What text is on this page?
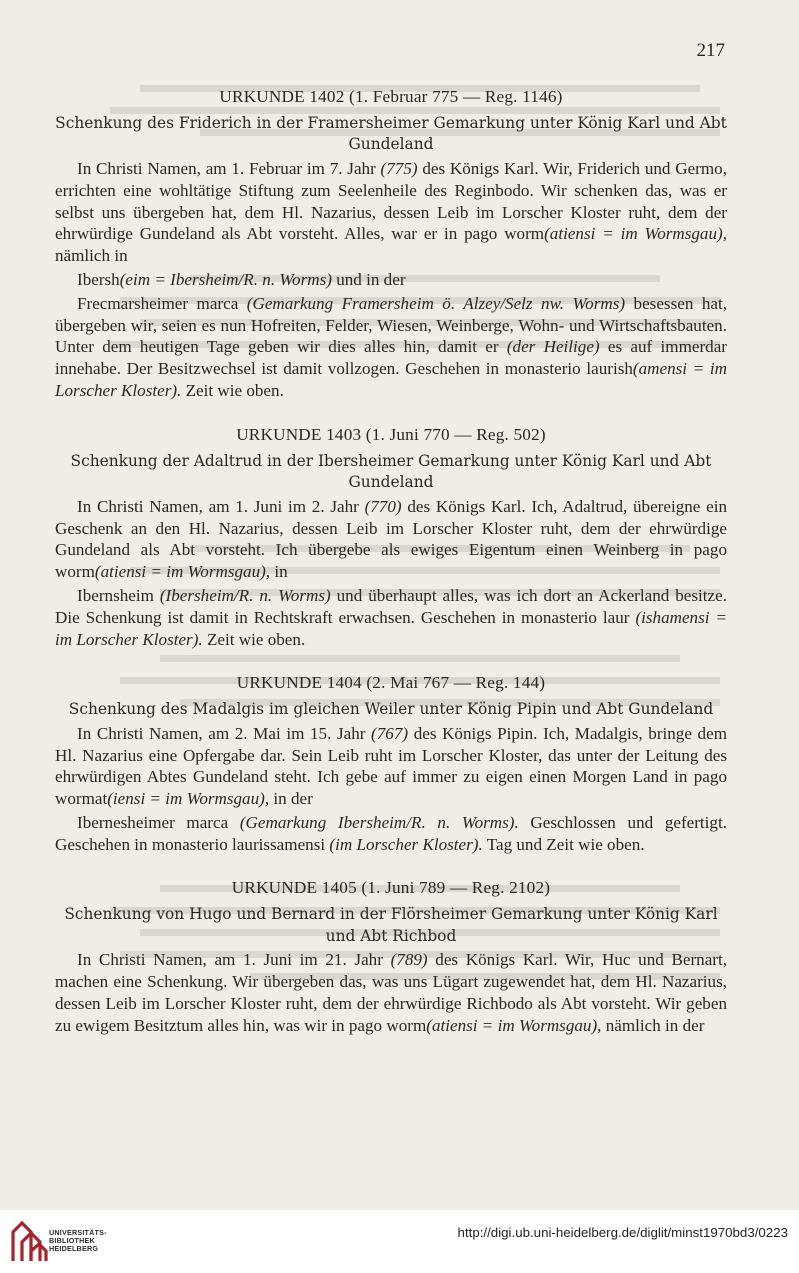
217

URKUNDE 1402 (1. Februar 775 — Reg. 1146)

Schenkung des Friderich in der Framersheimer Gemarkung unter König Karl und Abt Gundeland

In Christi Namen, am 1. Februar im 7. Jahr (775) des Königs Karl. Wir, Friderich und Germo, errichten eine wohltätige Stiftung zum Seelenheile des Reginbodo. Wir schenken das, was er selbst uns übergeben hat, dem Hl. Nazarius, dessen Leib im Lorscher Kloster ruht, dem der ehrwürdige Gundeland als Abt vorsteht. Alles, war er in pago worm(atiensi = im Wormsgau), nämlich in

Ibersh(eim = Ibersheim/R. n. Worms) und in der

Frecmarsheimer marca (Gemarkung Framersheim ö. Alzey/Selz nw. Worms) besessen hat, übergeben wir, seien es nun Hofreiten, Felder, Wiesen, Weinberge, Wohn- und Wirtschaftsbauten. Unter dem heutigen Tage geben wir dies alles hin, damit er (der Heilige) es auf immerdar innehabe. Der Besitzwechsel ist damit vollzogen. Geschehen in monasterio laurish(amensi = im Lorscher Kloster). Zeit wie oben.

URKUNDE 1403 (1. Juni 770 — Reg. 502)

Schenkung der Adaltrud in der Ibersheimer Gemarkung unter König Karl und Abt Gundeland

In Christi Namen, am 1. Juni im 2. Jahr (770) des Königs Karl. Ich, Adaltrud, übereigne ein Geschenk an den Hl. Nazarius, dessen Leib im Lorscher Kloster ruht, dem der ehrwürdige Gundeland als Abt vorsteht. Ich übergebe als ewiges Eigentum einen Weinberg in pago worm(atiensi = im Wormsgau), in

Ibernsheim (Ibersheim/R. n. Worms) und überhaupt alles, was ich dort an Ackerland besitze. Die Schenkung ist damit in Rechtskraft erwachsen. Geschehen in monasterio laur (ishamensi = im Lorscher Kloster). Zeit wie oben.

URKUNDE 1404 (2. Mai 767 — Reg. 144)

Schenkung des Madalgis im gleichen Weiler unter König Pipin und Abt Gundeland

In Christi Namen, am 2. Mai im 15. Jahr (767) des Königs Pipin. Ich, Madalgis, bringe dem Hl. Nazarius eine Opfergabe dar. Sein Leib ruht im Lorscher Kloster, das unter der Leitung des ehrwürdigen Abtes Gundeland steht. Ich gebe auf immer zu eigen einen Morgen Land in pago wormat(iensi = im Wormsgau), in der

Ibernesheimer marca (Gemarkung Ibersheim/R. n. Worms). Geschlossen und gefertigt. Geschehen in monasterio laurissamensi (im Lorscher Kloster). Tag und Zeit wie oben.

URKUNDE 1405 (1. Juni 789 — Reg. 2102)

Schenkung von Hugo und Bernard in der Flörsheimer Gemarkung unter König Karl und Abt Richbod

In Christi Namen, am 1. Juni im 21. Jahr (789) des Königs Karl. Wir, Huc und Bernart, machen eine Schenkung. Wir übergeben das, was uns Lügart zugewendet hat, dem Hl. Nazarius, dessen Leib im Lorscher Kloster ruht, dem der ehrwürdige Richbodo als Abt vorsteht. Wir geben zu ewigem Besitztum alles hin, was wir in pago worm(atiensi = im Wormsgau), nämlich in der

UNIVERSITÄTS-
BIBLIOTHEK
HEIDELBERG
http://digi.ub.uni-heidelberg.de/diglit/minst1970bd3/0223
